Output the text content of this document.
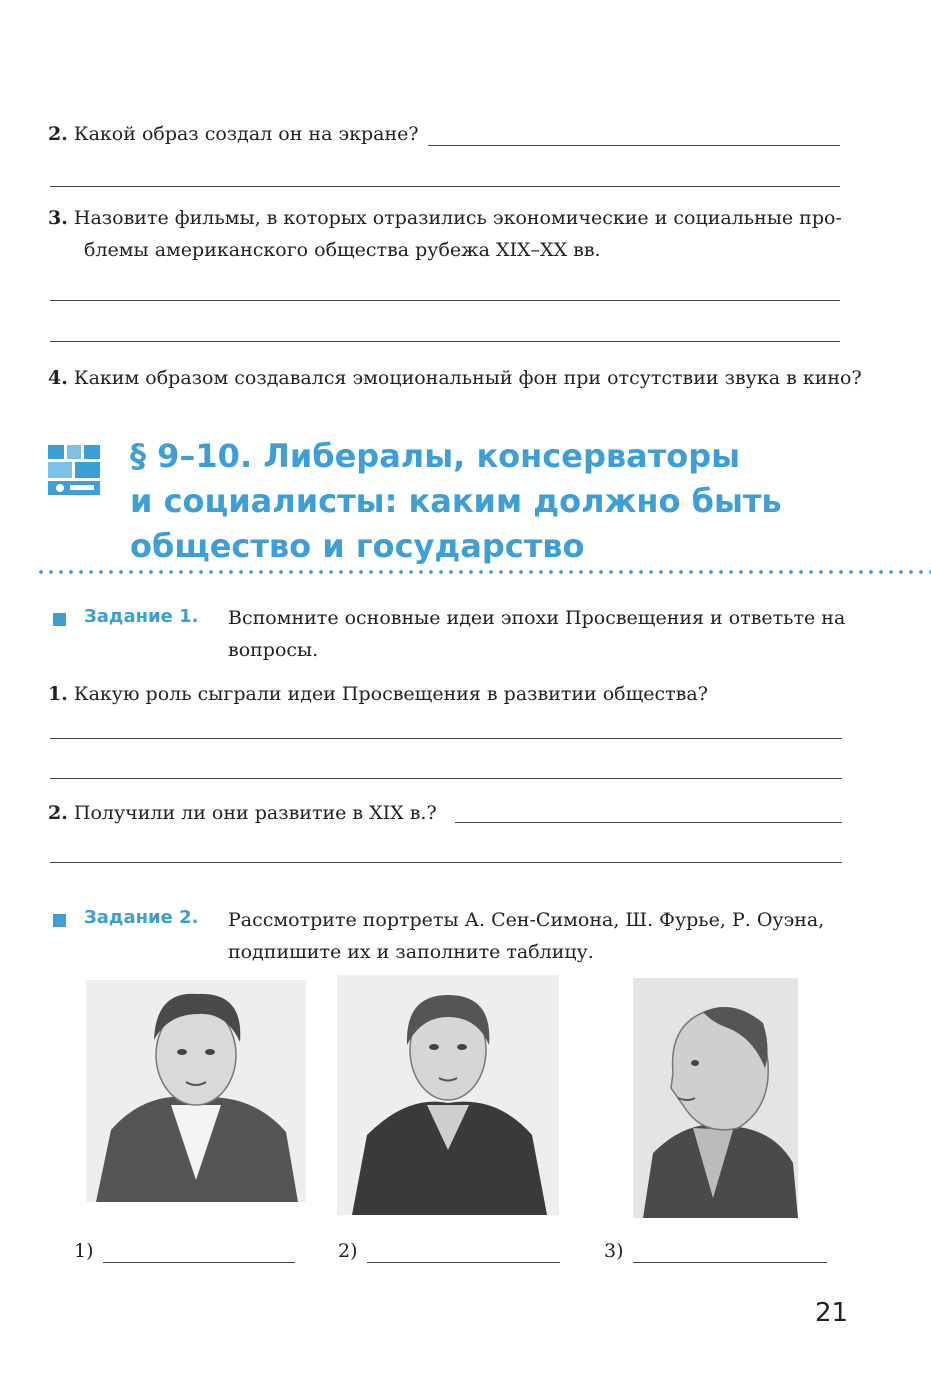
2. Какой образ создал он на экране?
3. Назовите фильмы, в которых отразились экономические и социальные про-
блемы американского общества рубежа XIX–XX вв.
4. Каким образом создавался эмоциональный фон при отсутствии звука в кино?
§ 9–10. Либералы, консерваторы
и социалисты: каким должно быть
общество и государство
Задание 1. Вспомните основные идеи эпохи Просвещения и ответьте на
вопросы.
1. Какую роль сыграли идеи Просвещения в развитии общества?
2. Получили ли они развитие в XIX в.?
Задание 2. Рассмотрите портреты А. Сен-Симона, Ш. Фурье, Р. Оуэна,
подпишите их и заполните таблицу.
1)	2)	3)
21
